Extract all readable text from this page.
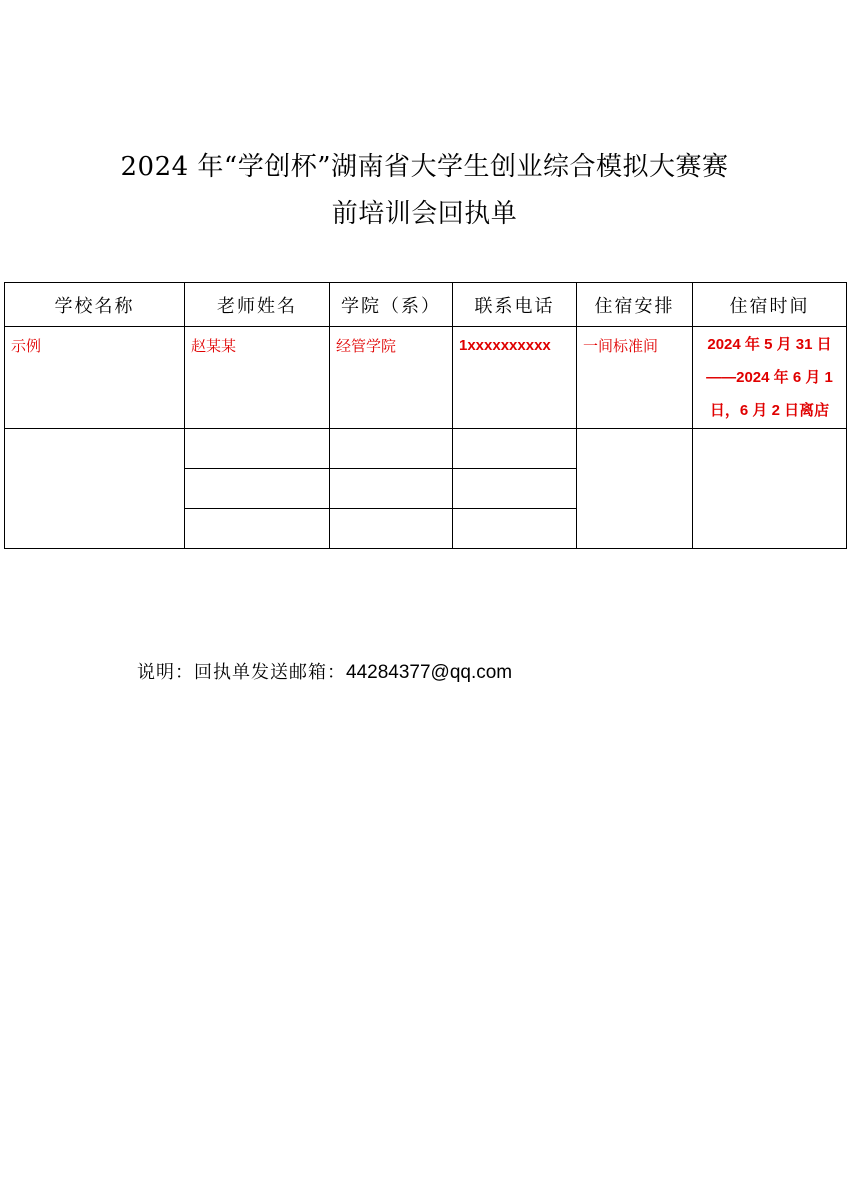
2024 年“学创杯”湖南省大学生创业综合模拟大赛赛
前培训会回执单
学校名称	老师姓名	学院（系）	联系电话	住宿安排	住宿时间
示例	赵某某	经管学院	1xxxxxxxxxx	一间标准间	2024 年 5 月 31 日
——2024 年 6 月 1
日，6 月 2 日离店

说明：回执单发送邮箱：44284377@qq.com
